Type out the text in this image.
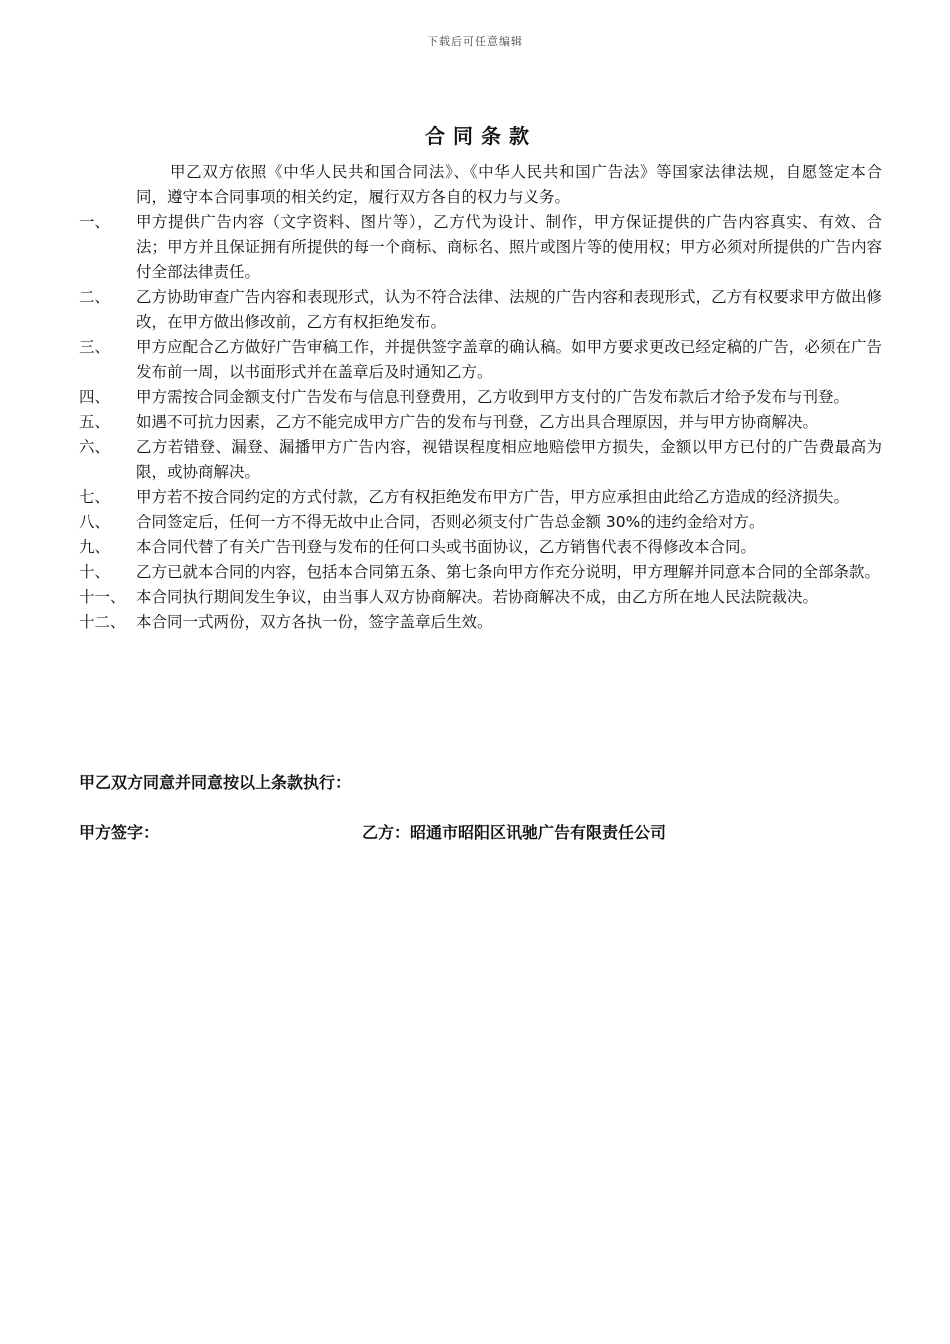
下载后可任意编辑
合同条款
甲乙双方依照《中华人民共和国合同法》、《中华人民共和国广告法》等国家法律法规，自愿签定本合同，遵守本合同事项的相关约定，履行双方各自的权力与义务。
一、	甲方提供广告内容（文字资料、图片等），乙方代为设计、制作，甲方保证提供的广告内容真实、有效、合法；甲方并且保证拥有所提供的每一个商标、商标名、照片或图片等的使用权；甲方必须对所提供的广告内容付全部法律责任。
二、	乙方协助审查广告内容和表现形式，认为不符合法律、法规的广告内容和表现形式，乙方有权要求甲方做出修改，在甲方做出修改前，乙方有权拒绝发布。
三、	甲方应配合乙方做好广告审稿工作，并提供签字盖章的确认稿。如甲方要求更改已经定稿的广告，必须在广告发布前一周，以书面形式并在盖章后及时通知乙方。
四、	甲方需按合同金额支付广告发布与信息刊登费用，乙方收到甲方支付的广告发布款后才给予发布与刊登。
五、	如遇不可抗力因素，乙方不能完成甲方广告的发布与刊登，乙方出具合理原因，并与甲方协商解决。
六、	乙方若错登、漏登、漏播甲方广告内容，视错误程度相应地赔偿甲方损失，金额以甲方已付的广告费最高为限，或协商解决。
七、	甲方若不按合同约定的方式付款，乙方有权拒绝发布甲方广告，甲方应承担由此给乙方造成的经济损失。
八、	合同签定后，任何一方不得无故中止合同，否则必须支付广告总金额 30%的违约金给对方。
九、	本合同代替了有关广告刊登与发布的任何口头或书面协议，乙方销售代表不得修改本合同。
十、	乙方已就本合同的内容，包括本合同第五条、第七条向甲方作充分说明，甲方理解并同意本合同的全部条款。
十一、 本合同执行期间发生争议，由当事人双方协商解决。若协商解决不成，由乙方所在地人民法院裁决。
十二、 本合同一式两份，双方各执一份，签字盖章后生效。
甲乙双方同意并同意按以上条款执行：
甲方签字：	乙方：昭通市昭阳区讯驰广告有限责任公司
